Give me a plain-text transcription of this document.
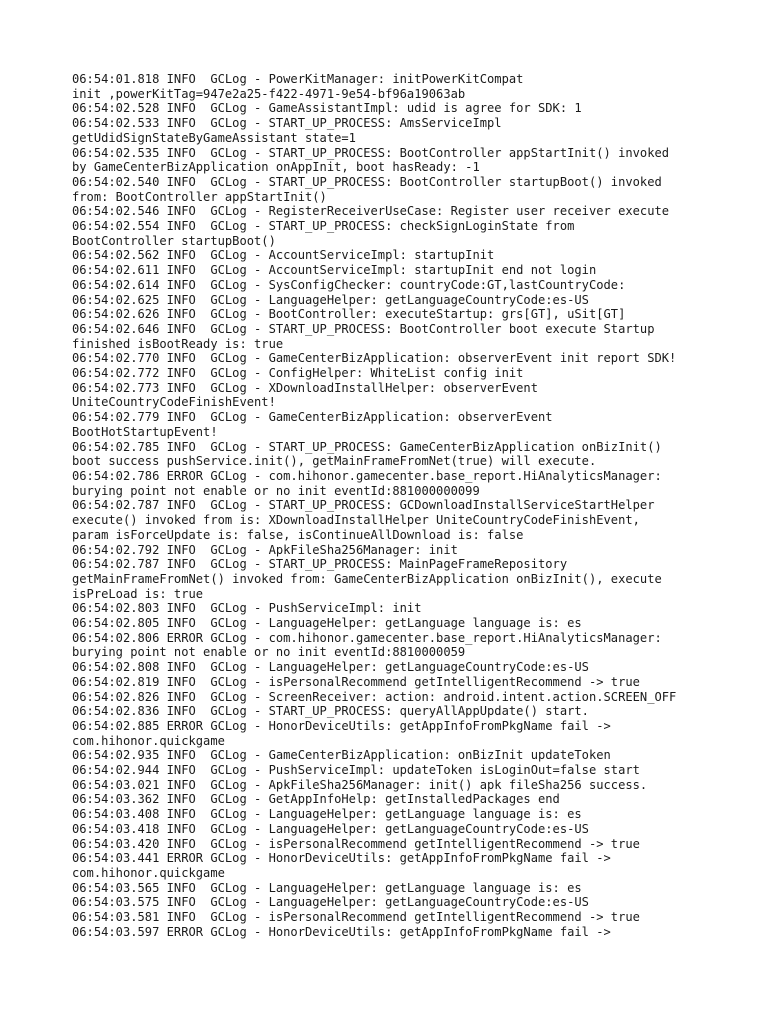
06:54:01.818 INFO  GCLog - PowerKitManager: initPowerKitCompat
init ,powerKitTag=947e2a25-f422-4971-9e54-bf96a19063ab
06:54:02.528 INFO  GCLog - GameAssistantImpl: udid is agree for SDK: 1
06:54:02.533 INFO  GCLog - START_UP_PROCESS: AmsServiceImpl
getUdidSignStateByGameAssistant state=1
06:54:02.535 INFO  GCLog - START_UP_PROCESS: BootController appStartInit() invoked
by GameCenterBizApplication onAppInit, boot hasReady: -1
06:54:02.540 INFO  GCLog - START_UP_PROCESS: BootController startupBoot() invoked
from: BootController appStartInit()
06:54:02.546 INFO  GCLog - RegisterReceiverUseCase: Register user receiver execute
06:54:02.554 INFO  GCLog - START_UP_PROCESS: checkSignLoginState from
BootController startupBoot()
06:54:02.562 INFO  GCLog - AccountServiceImpl: startupInit
06:54:02.611 INFO  GCLog - AccountServiceImpl: startupInit end not login
06:54:02.614 INFO  GCLog - SysConfigChecker: countryCode:GT,lastCountryCode:
06:54:02.625 INFO  GCLog - LanguageHelper: getLanguageCountryCode:es-US
06:54:02.626 INFO  GCLog - BootController: executeStartup: grs[GT], uSit[GT]
06:54:02.646 INFO  GCLog - START_UP_PROCESS: BootController boot execute Startup
finished isBootReady is: true
06:54:02.770 INFO  GCLog - GameCenterBizApplication: observerEvent init report SDK!
06:54:02.772 INFO  GCLog - ConfigHelper: WhiteList config init
06:54:02.773 INFO  GCLog - XDownloadInstallHelper: observerEvent
UniteCountryCodeFinishEvent!
06:54:02.779 INFO  GCLog - GameCenterBizApplication: observerEvent
BootHotStartupEvent!
06:54:02.785 INFO  GCLog - START_UP_PROCESS: GameCenterBizApplication onBizInit()
boot success pushService.init(), getMainFrameFromNet(true) will execute.
06:54:02.786 ERROR GCLog - com.hihonor.gamecenter.base_report.HiAnalyticsManager:
burying point not enable or no init eventId:881000000099
06:54:02.787 INFO  GCLog - START_UP_PROCESS: GCDownloadInstallServiceStartHelper
execute() invoked from is: XDownloadInstallHelper UniteCountryCodeFinishEvent,
param isForceUpdate is: false, isContinueAllDownload is: false
06:54:02.792 INFO  GCLog - ApkFileSha256Manager: init
06:54:02.787 INFO  GCLog - START_UP_PROCESS: MainPageFrameRepository
getMainFrameFromNet() invoked from: GameCenterBizApplication onBizInit(), execute
isPreLoad is: true
06:54:02.803 INFO  GCLog - PushServiceImpl: init
06:54:02.805 INFO  GCLog - LanguageHelper: getLanguage language is: es
06:54:02.806 ERROR GCLog - com.hihonor.gamecenter.base_report.HiAnalyticsManager:
burying point not enable or no init eventId:8810000059
06:54:02.808 INFO  GCLog - LanguageHelper: getLanguageCountryCode:es-US
06:54:02.819 INFO  GCLog - isPersonalRecommend getIntelligentRecommend -> true
06:54:02.826 INFO  GCLog - ScreenReceiver: action: android.intent.action.SCREEN_OFF
06:54:02.836 INFO  GCLog - START_UP_PROCESS: queryAllAppUpdate() start.
06:54:02.885 ERROR GCLog - HonorDeviceUtils: getAppInfoFromPkgName fail ->
com.hihonor.quickgame
06:54:02.935 INFO  GCLog - GameCenterBizApplication: onBizInit updateToken
06:54:02.944 INFO  GCLog - PushServiceImpl: updateToken isLoginOut=false start
06:54:03.021 INFO  GCLog - ApkFileSha256Manager: init() apk fileSha256 success.
06:54:03.362 INFO  GCLog - GetAppInfoHelp: getInstalledPackages end
06:54:03.408 INFO  GCLog - LanguageHelper: getLanguage language is: es
06:54:03.418 INFO  GCLog - LanguageHelper: getLanguageCountryCode:es-US
06:54:03.420 INFO  GCLog - isPersonalRecommend getIntelligentRecommend -> true
06:54:03.441 ERROR GCLog - HonorDeviceUtils: getAppInfoFromPkgName fail ->
com.hihonor.quickgame
06:54:03.565 INFO  GCLog - LanguageHelper: getLanguage language is: es
06:54:03.575 INFO  GCLog - LanguageHelper: getLanguageCountryCode:es-US
06:54:03.581 INFO  GCLog - isPersonalRecommend getIntelligentRecommend -> true
06:54:03.597 ERROR GCLog - HonorDeviceUtils: getAppInfoFromPkgName fail ->
